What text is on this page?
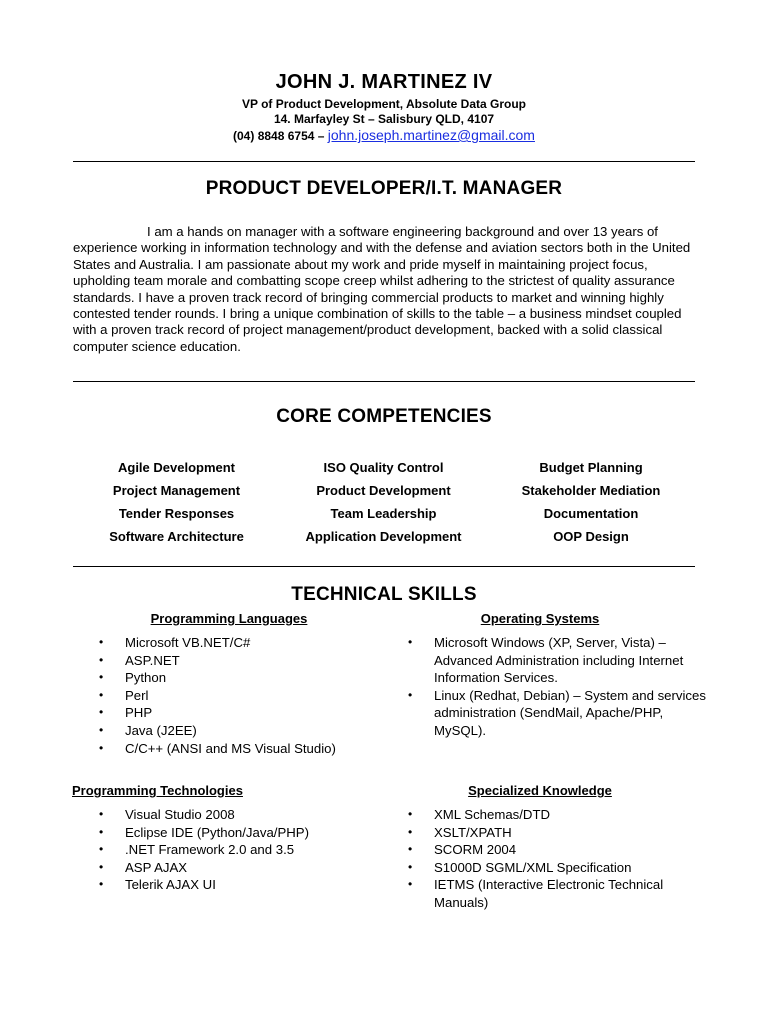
JOHN J. MARTINEZ IV
VP of Product Development, Absolute Data Group
14. Marfayley St – Salisbury QLD, 4107
(04) 8848 6754 – john.joseph.martinez@gmail.com
PRODUCT DEVELOPER/I.T. MANAGER

I am a hands on manager with a software engineering background and over 13 years of experience working in information technology and with the defense and aviation sectors both in the United States and Australia. I am passionate about my work and pride myself in maintaining project focus, upholding team morale and combatting scope creep whilst adhering to the strictest of quality assurance standards. I have a proven track record of bringing commercial products to market and winning highly contested tender rounds. I bring a unique combination of skills to the table – a business mindset coupled with a proven track record of project management/product development, backed with a solid classical computer science education.

CORE COMPETENCIES
Agile Development	ISO Quality Control	Budget Planning
Project Management	Product Development	Stakeholder Mediation
Tender Responses	Team Leadership	Documentation
Software Architecture	Application Development	OOP Design
TECHNICAL SKILLS
Programming Languages
•	Microsoft VB.NET/C#
•	ASP.NET
•	Python
•	Perl
•	PHP
•	Java (J2EE)
•	C/C++ (ANSI and MS Visual Studio)
Operating Systems
•	Microsoft Windows (XP, Server, Vista) – Advanced Administration including Internet Information Services.
•	Linux (Redhat, Debian) – System and services administration (SendMail, Apache/PHP, MySQL).
Programming Technologies
•	Visual Studio 2008
•	Eclipse IDE (Python/Java/PHP)
•	.NET Framework 2.0 and 3.5
•	ASP AJAX
•	Telerik AJAX UI
Specialized Knowledge
•	XML Schemas/DTD
•	XSLT/XPATH
•	SCORM 2004
•	S1000D SGML/XML Specification
•	IETMS (Interactive Electronic Technical Manuals)
